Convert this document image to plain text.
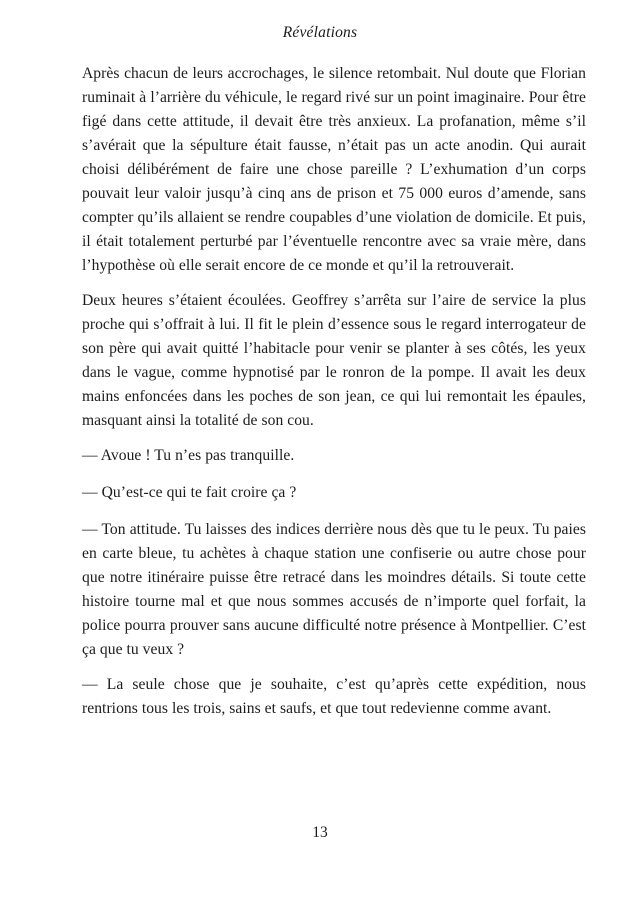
Révélations

Après chacun de leurs accrochages, le silence retombait. Nul doute que Florian ruminait à l’arrière du véhicule, le regard rivé sur un point imaginaire. Pour être figé dans cette attitude, il devait être très anxieux. La profanation, même s’il s’avérait que la sépulture était fausse, n’était pas un acte anodin. Qui aurait choisi délibérément de faire une chose pareille ? L’exhumation d’un corps pouvait leur valoir jusqu’à cinq ans de prison et 75 000 euros d’amende, sans compter qu’ils allaient se rendre coupables d’une violation de domicile. Et puis, il était totalement perturbé par l’éventuelle rencontre avec sa vraie mère, dans l’hypothèse où elle serait encore de ce monde et qu’il la retrouverait.

Deux heures s’étaient écoulées. Geoffrey s’arrêta sur l’aire de service la plus proche qui s’offrait à lui. Il fit le plein d’essence sous le regard interrogateur de son père qui avait quitté l’habitacle pour venir se planter à ses côtés, les yeux dans le vague, comme hypnotisé par le ronron de la pompe. Il avait les deux mains enfoncées dans les poches de son jean, ce qui lui remontait les épaules, masquant ainsi la totalité de son cou.

— Avoue ! Tu n’es pas tranquille.

— Qu’est-ce qui te fait croire ça ?

— Ton attitude. Tu laisses des indices derrière nous dès que tu le peux. Tu paies en carte bleue, tu achètes à chaque station une confiserie ou autre chose pour que notre itinéraire puisse être retracé dans les moindres détails. Si toute cette histoire tourne mal et que nous sommes accusés de n’importe quel forfait, la police pourra prouver sans aucune difficulté notre présence à Montpellier. C’est ça que tu veux ?

— La seule chose que je souhaite, c’est qu’après cette expédition, nous rentrions tous les trois, sains et saufs, et que tout redevienne comme avant.

13
